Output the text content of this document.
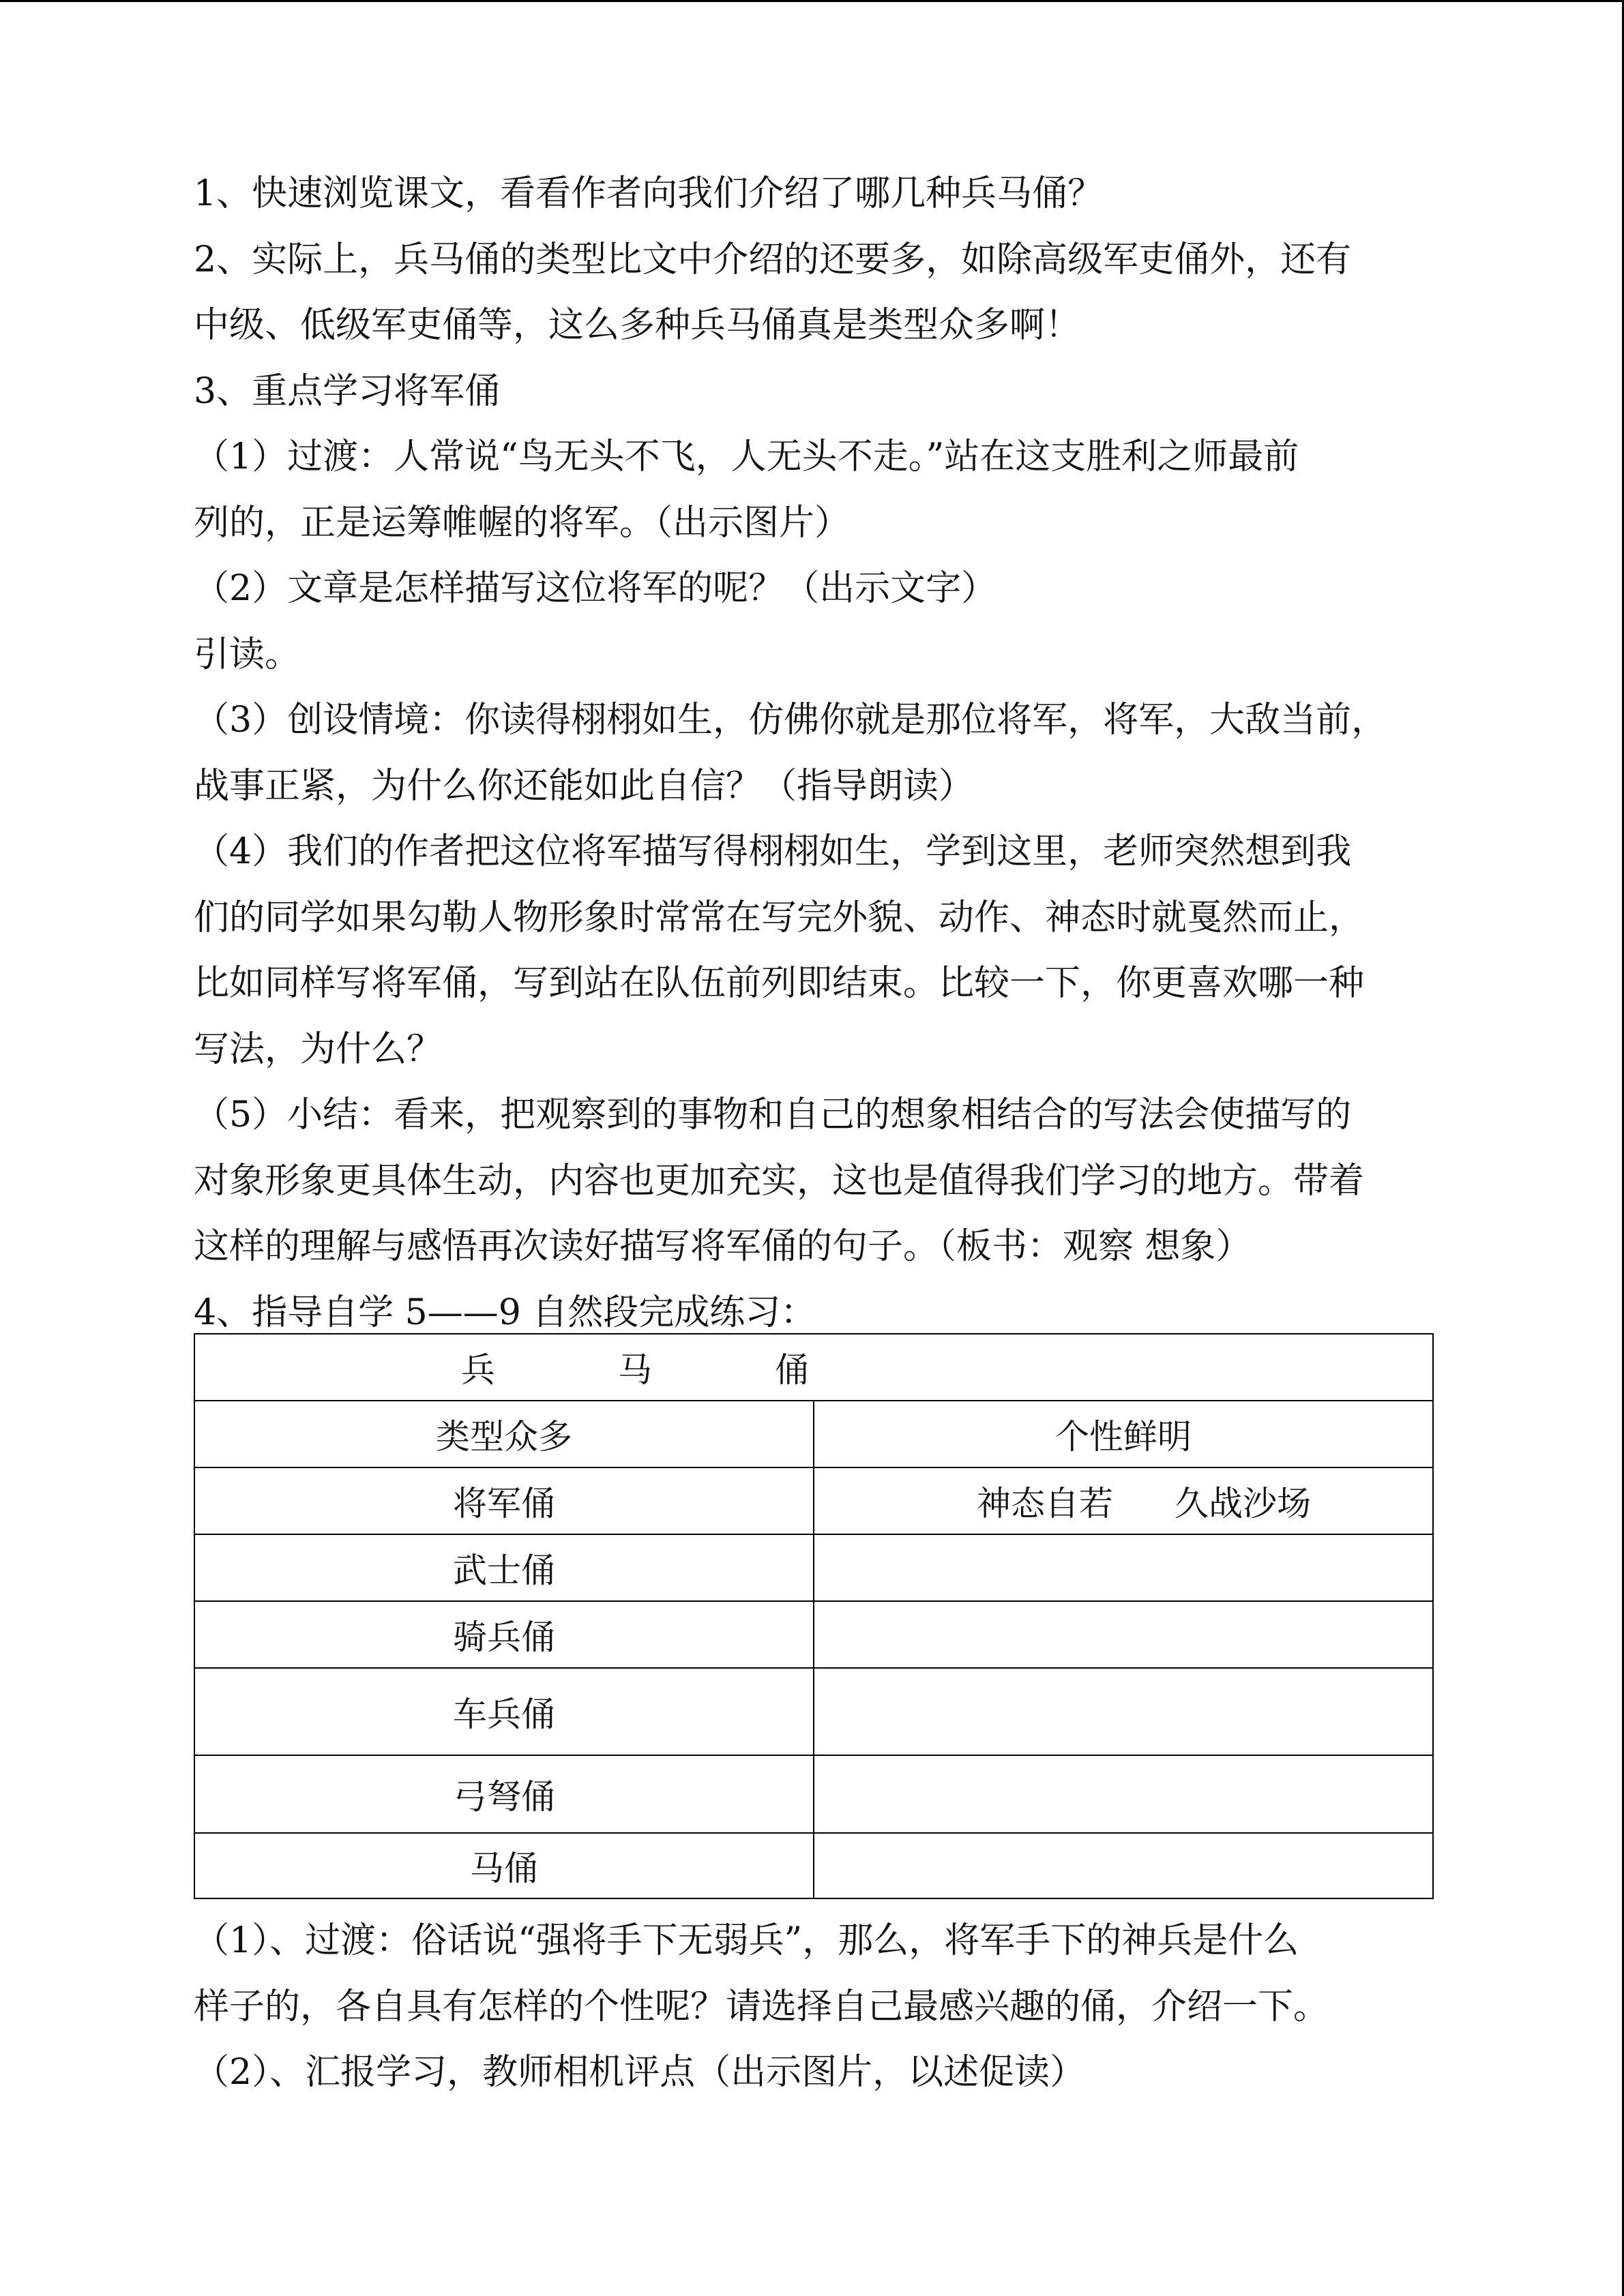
1、快速浏览课文，看看作者向我们介绍了哪几种兵马俑？
2、实际上，兵马俑的类型比文中介绍的还要多，如除高级军吏俑外，还有
中级、低级军吏俑等，这么多种兵马俑真是类型众多啊！
3、重点学习将军俑
（1）过渡：人常说“鸟无头不飞，人无头不走。”站在这支胜利之师最前
列的，正是运筹帷幄的将军。（出示图片）
（2）文章是怎样描写这位将军的呢？（出示文字）
引读。
（3）创设情境：你读得栩栩如生，仿佛你就是那位将军，将军，大敌当前，
战事正紧，为什么你还能如此自信？（指导朗读）
（4）我们的作者把这位将军描写得栩栩如生，学到这里，老师突然想到我
们的同学如果勾勒人物形象时常常在写完外貌、动作、神态时就戛然而止，
比如同样写将军俑，写到站在队伍前列即结束。比较一下，你更喜欢哪一种
写法，为什么？
（5）小结：看来，把观察到的事物和自己的想象相结合的写法会使描写的
对象形象更具体生动，内容也更加充实，这也是值得我们学习的地方。带着
这样的理解与感悟再次读好描写将军俑的句子。（板书：观察 想象）
4、指导自学 5——9 自然段完成练习：
兵 马 俑	
类型众多	个性鲜明
将军俑	神态自若 久战沙场
武士俑	
骑兵俑	
车兵俑	
弓弩俑	
马俑	
（1）、过渡：俗话说“强将手下无弱兵”，那么，将军手下的神兵是什么
样子的，各自具有怎样的个性呢？请选择自己最感兴趣的俑，介绍一下。
（2）、汇报学习，教师相机评点（出示图片，以述促读）
